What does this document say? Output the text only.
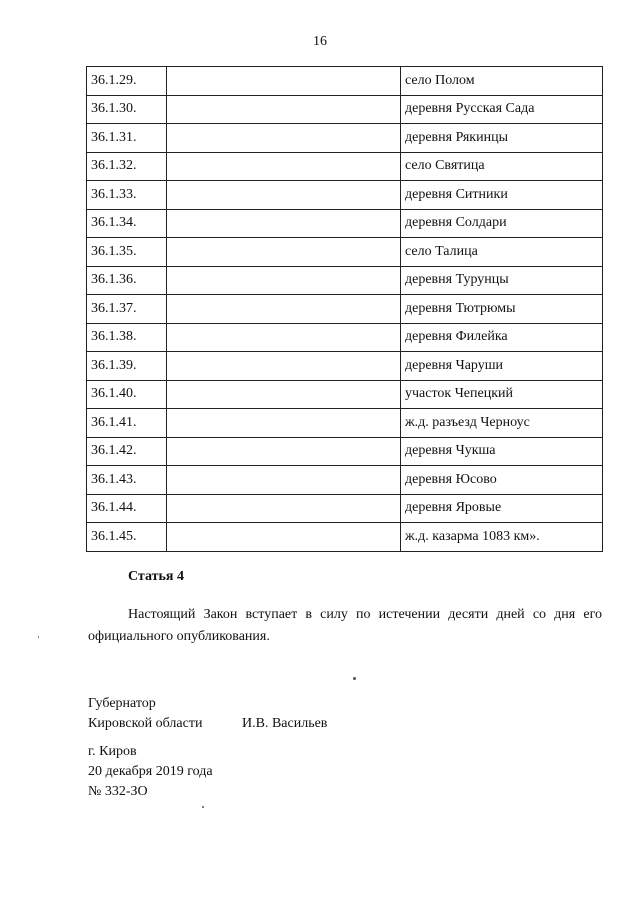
16
36.1.29.		село Полом
36.1.30.		деревня Русская Сада
36.1.31.		деревня Рякинцы
36.1.32.		село Святица
36.1.33.		деревня Ситники
36.1.34.		деревня Солдари
36.1.35.		село Талица
36.1.36.		деревня Турунцы
36.1.37.		деревня Тютрюмы
36.1.38.		деревня Филейка
36.1.39.		деревня Чаруши
36.1.40.		участок Чепецкий
36.1.41.		ж.д. разъезд Черноус
36.1.42.		деревня Чукша
36.1.43.		деревня Юсово
36.1.44.		деревня Яровые
36.1.45.		ж.д. казарма 1083 км».
Статья 4
Настоящий Закон вступает в силу по истечении десяти дней со дня его официального опубликования.
Губернатор
Кировской области	И.В. Васильев
г. Киров
20 декабря 2019 года
№ 332-ЗО
